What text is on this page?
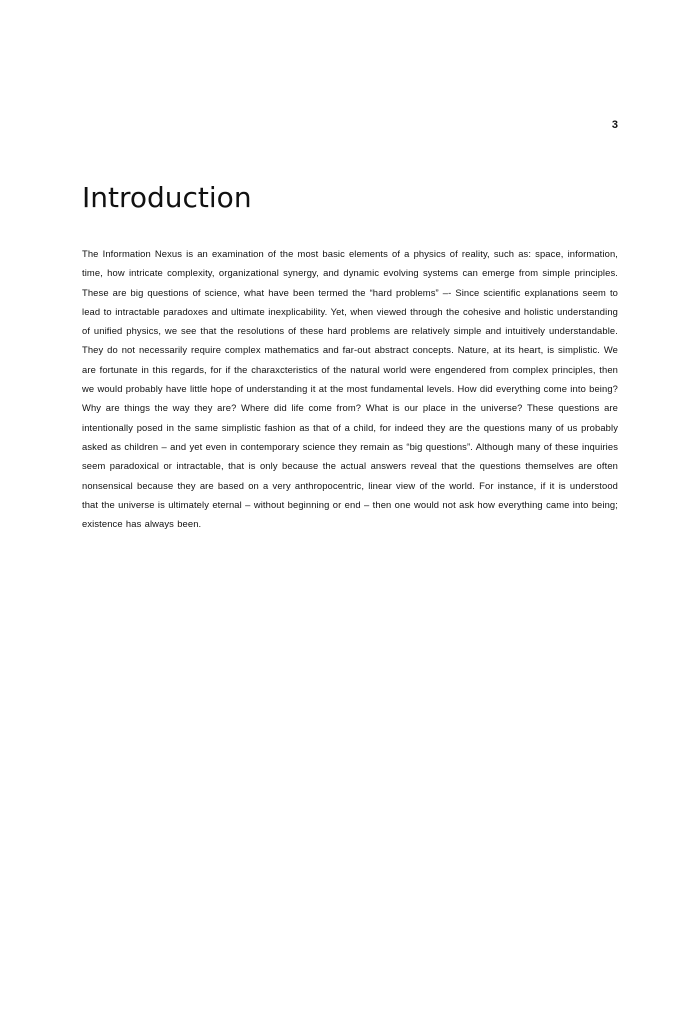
3
Introduction

The Information Nexus is an examination of the most basic elements of a physics of reality, such as: space, information, time, how intricate complexity, organizational synergy, and dynamic evolving systems can emerge from simple principles. These are big questions of science, what have been termed the “hard problems” –- Since scientific explanations seem to lead to intractable paradoxes and ultimate inexplicability. Yet, when viewed through the cohesive and holistic understanding of unified physics, we see that the resolutions of these hard problems are relatively simple and intuitively understandable. They do not necessarily require complex mathematics and far-out abstract concepts. Nature, at its heart, is simplistic. We are fortunate in this regards, for if the charaxcteristics of the natural world were engendered from complex principles, then we would probably have little hope of understanding it at the most fundamental levels. How did everything come into being? Why are things the way they are? Where did life come from? What is our place in the universe? These questions are intentionally posed in the same simplistic fashion as that of a child, for indeed they are the questions many of us probably asked as children – and yet even in contemporary science they remain as “big questions”. Although many of these inquiries seem paradoxical or intractable, that is only because the actual answers reveal that the questions themselves are often nonsensical because they are based on a very anthropocentric, linear view of the world. For instance, if it is understood that the universe is ultimately eternal – without beginning or end – then one would not ask how everything came into being; existence has always been.
